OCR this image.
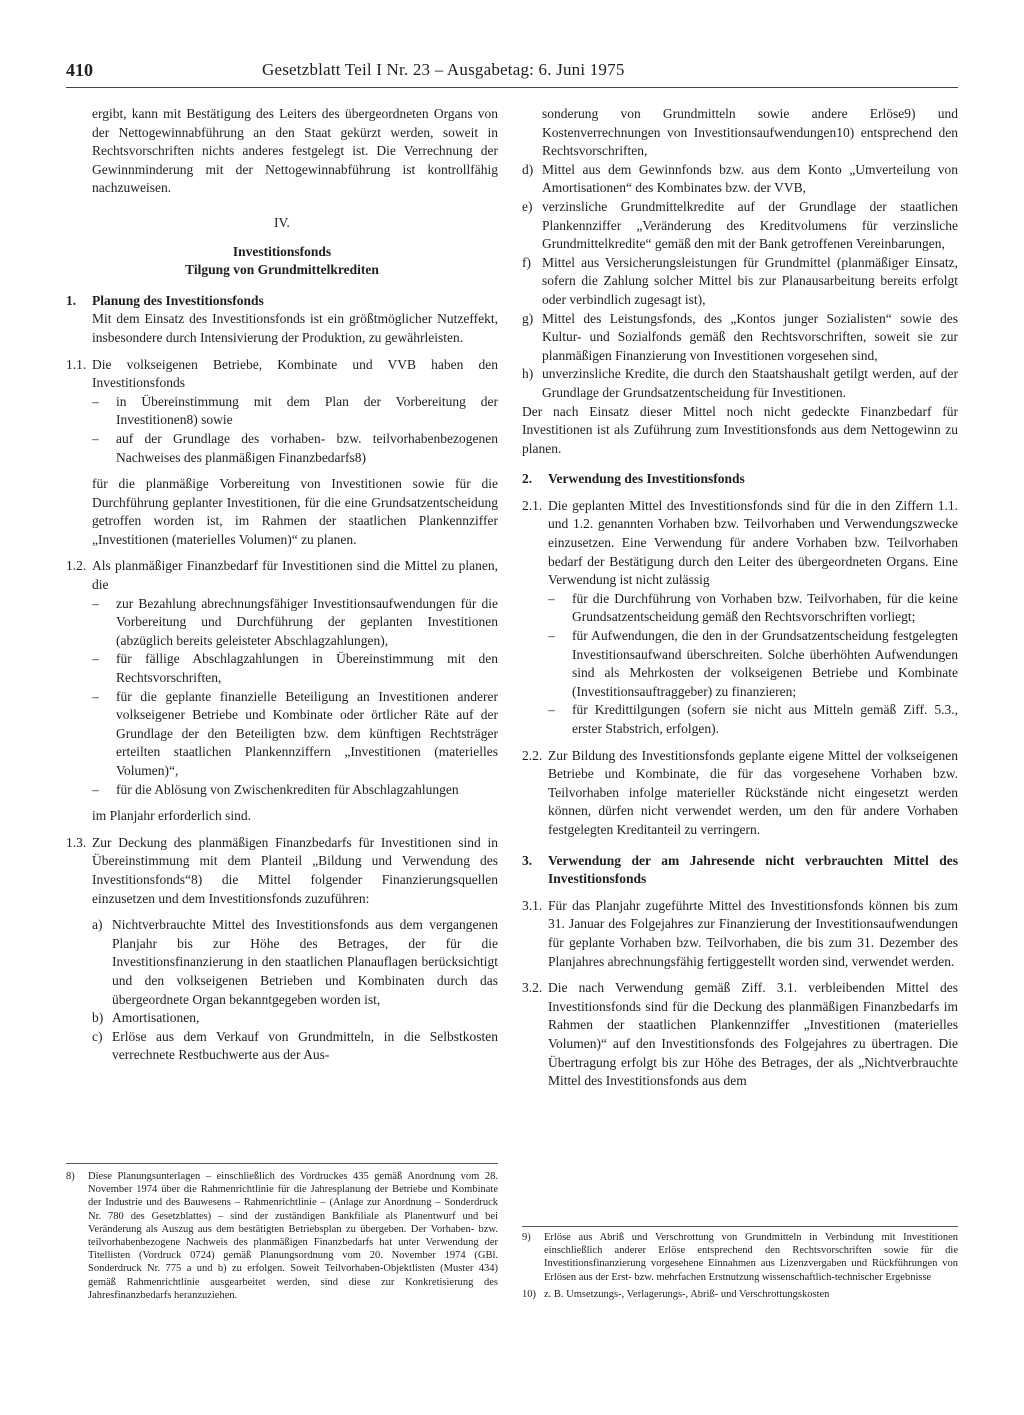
410	Gesetzblatt Teil I Nr. 23 – Ausgabetag: 6. Juni 1975

ergibt, kann mit Bestätigung des Leiters des übergeordneten Organs von der Nettogewinnabführung an den Staat gekürzt werden, soweit in Rechtsvorschriften nichts anderes festgelegt ist. Die Verrechnung der Gewinnminderung mit der Nettogewinnabführung ist kontrollfähig nachzuweisen.

IV.

Investitionsfonds

Tilgung von Grundmittelkrediten

1.	Planung des Investitionsfonds

Mit dem Einsatz des Investitionsfonds ist ein größtmöglicher Nutzeffekt, insbesondere durch Intensivierung der Produktion, zu gewährleisten.

1.1. Die volkseigenen Betriebe, Kombinate und VVB haben den Investitionsfonds
–	in Übereinstimmung mit dem Plan der Vorbereitung der Investitionen8) sowie
–	auf der Grundlage des vorhaben- bzw. teilvorhabenbezogenen Nachweises des planmäßigen Finanzbedarfs8)

für die planmäßige Vorbereitung von Investitionen sowie für die Durchführung geplanter Investitionen, für die eine Grundsatzentscheidung getroffen worden ist, im Rahmen der staatlichen Plankennziffer „Investitionen (materielles Volumen)“ zu planen.

1.2. Als planmäßiger Finanzbedarf für Investitionen sind die Mittel zu planen, die
–	zur Bezahlung abrechnungsfähiger Investitionsaufwendungen für die Vorbereitung und Durchführung der geplanten Investitionen (abzüglich bereits geleisteter Abschlagzahlungen),
–	für fällige Abschlagzahlungen in Übereinstimmung mit den Rechtsvorschriften,
–	für die geplante finanzielle Beteiligung an Investitionen anderer volkseigener Betriebe und Kombinate oder örtlicher Räte auf der Grundlage der den Beteiligten bzw. dem künftigen Rechtsträger erteilten staatlichen Plankennziffern „Investitionen (materielles Volumen)“,
–	für die Ablösung von Zwischenkrediten für Abschlagzahlungen

im Planjahr erforderlich sind.

1.3. Zur Deckung des planmäßigen Finanzbedarfs für Investitionen sind in Übereinstimmung mit dem Planteil „Bildung und Verwendung des Investitionsfonds“8) die Mittel folgender Finanzierungsquellen einzusetzen und dem Investitionsfonds zuzuführen:
a) Nichtverbrauchte Mittel des Investitionsfonds aus dem vergangenen Planjahr bis zur Höhe des Betrages, der für die Investitionsfinanzierung in den staatlichen Planauflagen berücksichtigt und den volkseigenen Betrieben und Kombinaten durch das übergeordnete Organ bekanntgegeben worden ist,
b) Amortisationen,
c) Erlöse aus dem Verkauf von Grundmitteln, in die Selbstkosten verrechnete Restbuchwerte aus der Aus-
8)	Diese Planungsunterlagen – einschließlich des Vordruckes 435 gemäß Anordnung vom 28. November 1974 über die Rahmenrichtlinie für die Jahresplanung der Betriebe und Kombinate der Industrie und des Bauwesens – Rahmenrichtlinie – (Anlage zur Anordnung – Sonderdruck Nr. 780 des Gesetzblattes) – sind der zuständigen Bankfiliale als Planentwurf und bei Veränderung als Auszug aus dem bestätigten Betriebsplan zu übergeben. Der Vorhaben- bzw. teilvorhabenbezogene Nachweis des planmäßigen Finanzbedarfs hat unter Verwendung der Titellisten (Vordruck 0724) gemäß Planungsordnung vom 20. November 1974 (GBl. Sonderdruck Nr. 775 a und b) zu erfolgen. Soweit Teilvorhaben-Objektlisten (Muster 434) gemäß Rahmenrichtlinie ausgearbeitet werden, sind diese zur Konkretisierung des Jahresfinanzbedarfs heranzuziehen.
sonderung von Grundmitteln sowie andere Erlöse9) und Kostenverrechnungen von Investitionsaufwendungen10) entsprechend den Rechtsvorschriften,
d) Mittel aus dem Gewinnfonds bzw. aus dem Konto „Umverteilung von Amortisationen“ des Kombinates bzw. der VVB,
e) verzinsliche Grundmittelkredite auf der Grundlage der staatlichen Plankennziffer „Veränderung des Kreditvolumens für verzinsliche Grundmittelkredite“ gemäß den mit der Bank getroffenen Vereinbarungen,
f) Mittel aus Versicherungsleistungen für Grundmittel (planmäßiger Einsatz, sofern die Zahlung solcher Mittel bis zur Planausarbeitung bereits erfolgt oder verbindlich zugesagt ist),
g) Mittel des Leistungsfonds, des „Kontos junger Sozialisten“ sowie des Kultur- und Sozialfonds gemäß den Rechtsvorschriften, soweit sie zur planmäßigen Finanzierung von Investitionen vorgesehen sind,
h) unverzinsliche Kredite, die durch den Staatshaushalt getilgt werden, auf der Grundlage der Grundsatzentscheidung für Investitionen.

Der nach Einsatz dieser Mittel noch nicht gedeckte Finanzbedarf für Investitionen ist als Zuführung zum Investitionsfonds aus dem Nettogewinn zu planen.

2.	Verwendung des Investitionsfonds
2.1. Die geplanten Mittel des Investitionsfonds sind für die in den Ziffern 1.1. und 1.2. genannten Vorhaben bzw. Teilvorhaben und Verwendungszwecke einzusetzen. Eine Verwendung für andere Vorhaben bzw. Teilvorhaben bedarf der Bestätigung durch den Leiter des übergeordneten Organs. Eine Verwendung ist nicht zulässig
–	für die Durchführung von Vorhaben bzw. Teilvorhaben, für die keine Grundsatzentscheidung gemäß den Rechtsvorschriften vorliegt;
–	für Aufwendungen, die den in der Grundsatzentscheidung festgelegten Investitionsaufwand überschreiten. Solche überhöhten Aufwendungen sind als Mehrkosten der volkseigenen Betriebe und Kombinate (Investitionsauftraggeber) zu finanzieren;
–	für Kredittilgungen (sofern sie nicht aus Mitteln gemäß Ziff. 5.3., erster Stabstrich, erfolgen).
2.2. Zur Bildung des Investitionsfonds geplante eigene Mittel der volkseigenen Betriebe und Kombinate, die für das vorgesehene Vorhaben bzw. Teilvorhaben infolge materieller Rückstände nicht eingesetzt werden können, dürfen nicht verwendet werden, um den für andere Vorhaben festgelegten Kreditanteil zu verringern.
3.	Verwendung der am Jahresende nicht verbrauchten Mittel des Investitionsfonds
3.1. Für das Planjahr zugeführte Mittel des Investitionsfonds können bis zum 31. Januar des Folgejahres zur Finanzierung der Investitionsaufwendungen für geplante Vorhaben bzw. Teilvorhaben, die bis zum 31. Dezember des Planjahres abrechnungsfähig fertiggestellt worden sind, verwendet werden.
3.2. Die nach Verwendung gemäß Ziff. 3.1. verbleibenden Mittel des Investitionsfonds sind für die Deckung des planmäßigen Finanzbedarfs im Rahmen der staatlichen Plankennziffer „Investitionen (materielles Volumen)“ auf den Investitionsfonds des Folgejahres zu übertragen. Die Übertragung erfolgt bis zur Höhe des Betrages, der als „Nichtverbrauchte Mittel des Investitionsfonds aus dem
9)	Erlöse aus Abriß und Verschrottung von Grundmitteln in Verbindung mit Investitionen einschließlich anderer Erlöse entsprechend den Rechtsvorschriften sowie für die Investitionsfinanzierung vorgesehene Einnahmen aus Lizenzvergaben und Rückführungen von Erlösen aus der Erst- bzw. mehrfachen Erstnutzung wissenschaftlich-technischer Ergebnisse
10) z. B. Umsetzungs-, Verlagerungs-, Abriß- und Verschrottungskosten
